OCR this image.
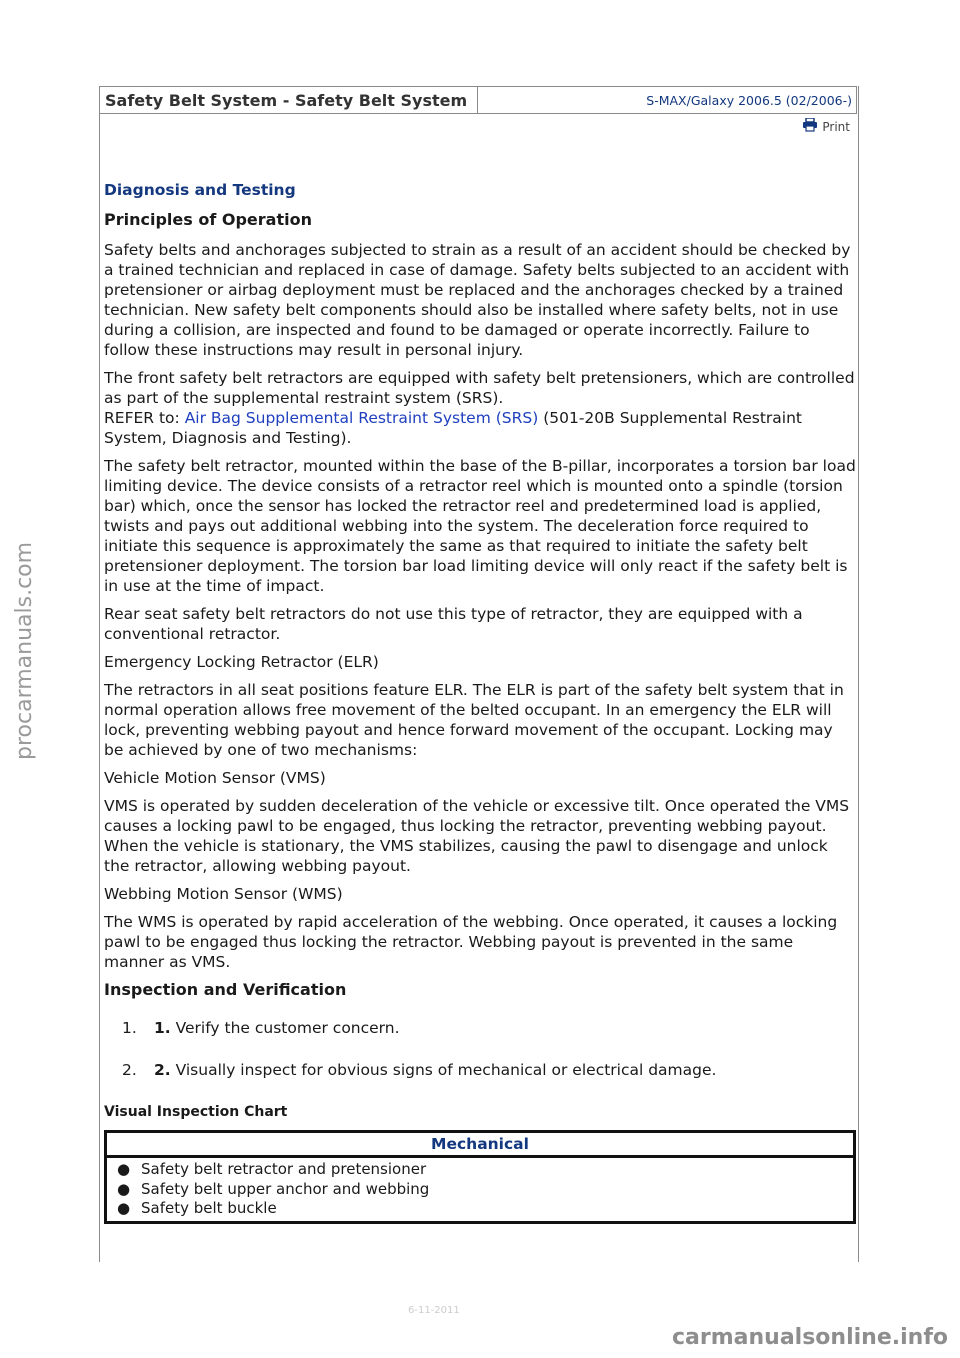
Safety Belt System - Safety Belt System	S-MAX/Galaxy 2006.5 (02/2006-)
Print
Diagnosis and Testing
Principles of Operation

Safety belts and anchorages subjected to strain as a result of an accident should be checked by a trained technician and replaced in case of damage. Safety belts subjected to an accident with pretensioner or airbag deployment must be replaced and the anchorages checked by a trained technician. New safety belt components should also be installed where safety belts, not in use during a collision, are inspected and found to be damaged or operate incorrectly. Failure to follow these instructions may result in personal injury.

The front safety belt retractors are equipped with safety belt pretensioners, which are controlled as part of the supplemental restraint system (SRS).
REFER to: Air Bag Supplemental Restraint System (SRS) (501-20B Supplemental Restraint System, Diagnosis and Testing).

The safety belt retractor, mounted within the base of the B-pillar, incorporates a torsion bar load limiting device. The device consists of a retractor reel which is mounted onto a spindle (torsion bar) which, once the sensor has locked the retractor reel and predetermined load is applied, twists and pays out additional webbing into the system. The deceleration force required to initiate this sequence is approximately the same as that required to initiate the safety belt pretensioner deployment. The torsion bar load limiting device will only react if the safety belt is in use at the time of impact.

Rear seat safety belt retractors do not use this type of retractor, they are equipped with a conventional retractor.

Emergency Locking Retractor (ELR)

The retractors in all seat positions feature ELR. The ELR is part of the safety belt system that in normal operation allows free movement of the belted occupant. In an emergency the ELR will lock, preventing webbing payout and hence forward movement of the occupant. Locking may be achieved by one of two mechanisms:

Vehicle Motion Sensor (VMS)

VMS is operated by sudden deceleration of the vehicle or excessive tilt. Once operated the VMS causes a locking pawl to be engaged, thus locking the retractor, preventing webbing payout. When the vehicle is stationary, the VMS stabilizes, causing the pawl to disengage and unlock the retractor, allowing webbing payout.

Webbing Motion Sensor (WMS)

The WMS is operated by rapid acceleration of the webbing. Once operated, it causes a locking pawl to be engaged thus locking the retractor. Webbing payout is prevented in the same manner as VMS.

Inspection and Verification
1.	1. Verify the customer concern.
2.	2. Visually inspect for obvious signs of mechanical or electrical damage.
Visual Inspection Chart
Mechanical

● Safety belt retractor and pretensioner
● Safety belt upper anchor and webbing
● Safety belt buckle
6-11-2011
procarmanuals.com
carmanualsonline.info
